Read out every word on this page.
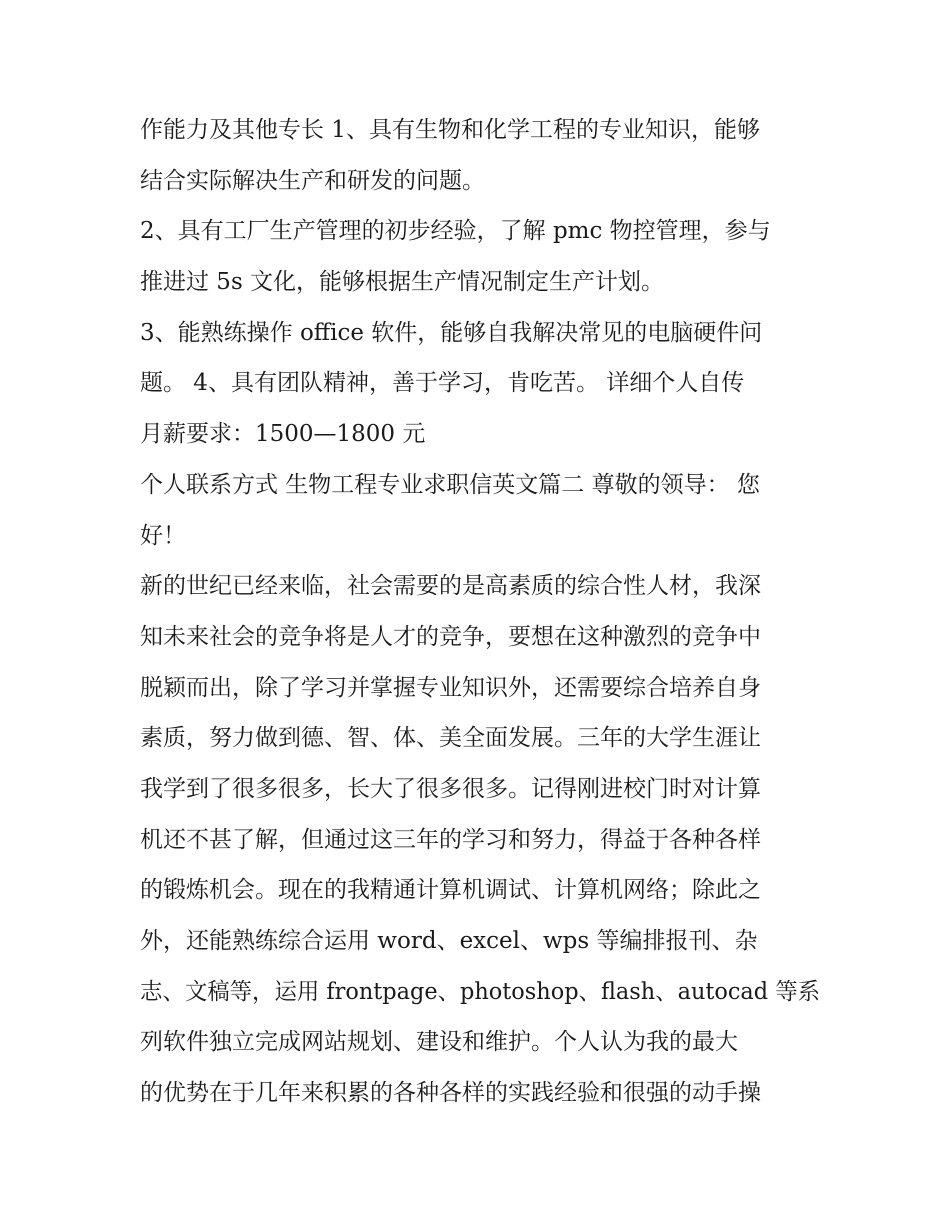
作能力及其他专长 1、具有生物和化学工程的专业知识，能够
结合实际解决生产和研发的问题。
2、具有工厂生产管理的初步经验，了解 pmc 物控管理，参与
推进过 5s 文化，能够根据生产情况制定生产计划。
3、能熟练操作 office 软件，能够自我解决常见的电脑硬件问
题。 4、具有团队精神，善于学习，肯吃苦。 详细个人自传
月薪要求：1500—1800 元
个人联系方式 生物工程专业求职信英文篇二 尊敬的领导： 您
好！
新的世纪已经来临，社会需要的是高素质的综合性人材，我深
知未来社会的竞争将是人才的竞争，要想在这种激烈的竞争中
脱颖而出，除了学习并掌握专业知识外，还需要综合培养自身
素质，努力做到德、智、体、美全面发展。三年的大学生涯让
我学到了很多很多，长大了很多很多。记得刚进校门时对计算
机还不甚了解，但通过这三年的学习和努力，得益于各种各样
的锻炼机会。现在的我精通计算机调试、计算机网络；除此之
外，还能熟练综合运用 word、excel、wps 等编排报刊、杂
志、文稿等，运用 frontpage、photoshop、flash、autocad 等系
列软件独立完成网站规划、建设和维护。个人认为我的最大
的优势在于几年来积累的各种各样的实践经验和很强的动手操
